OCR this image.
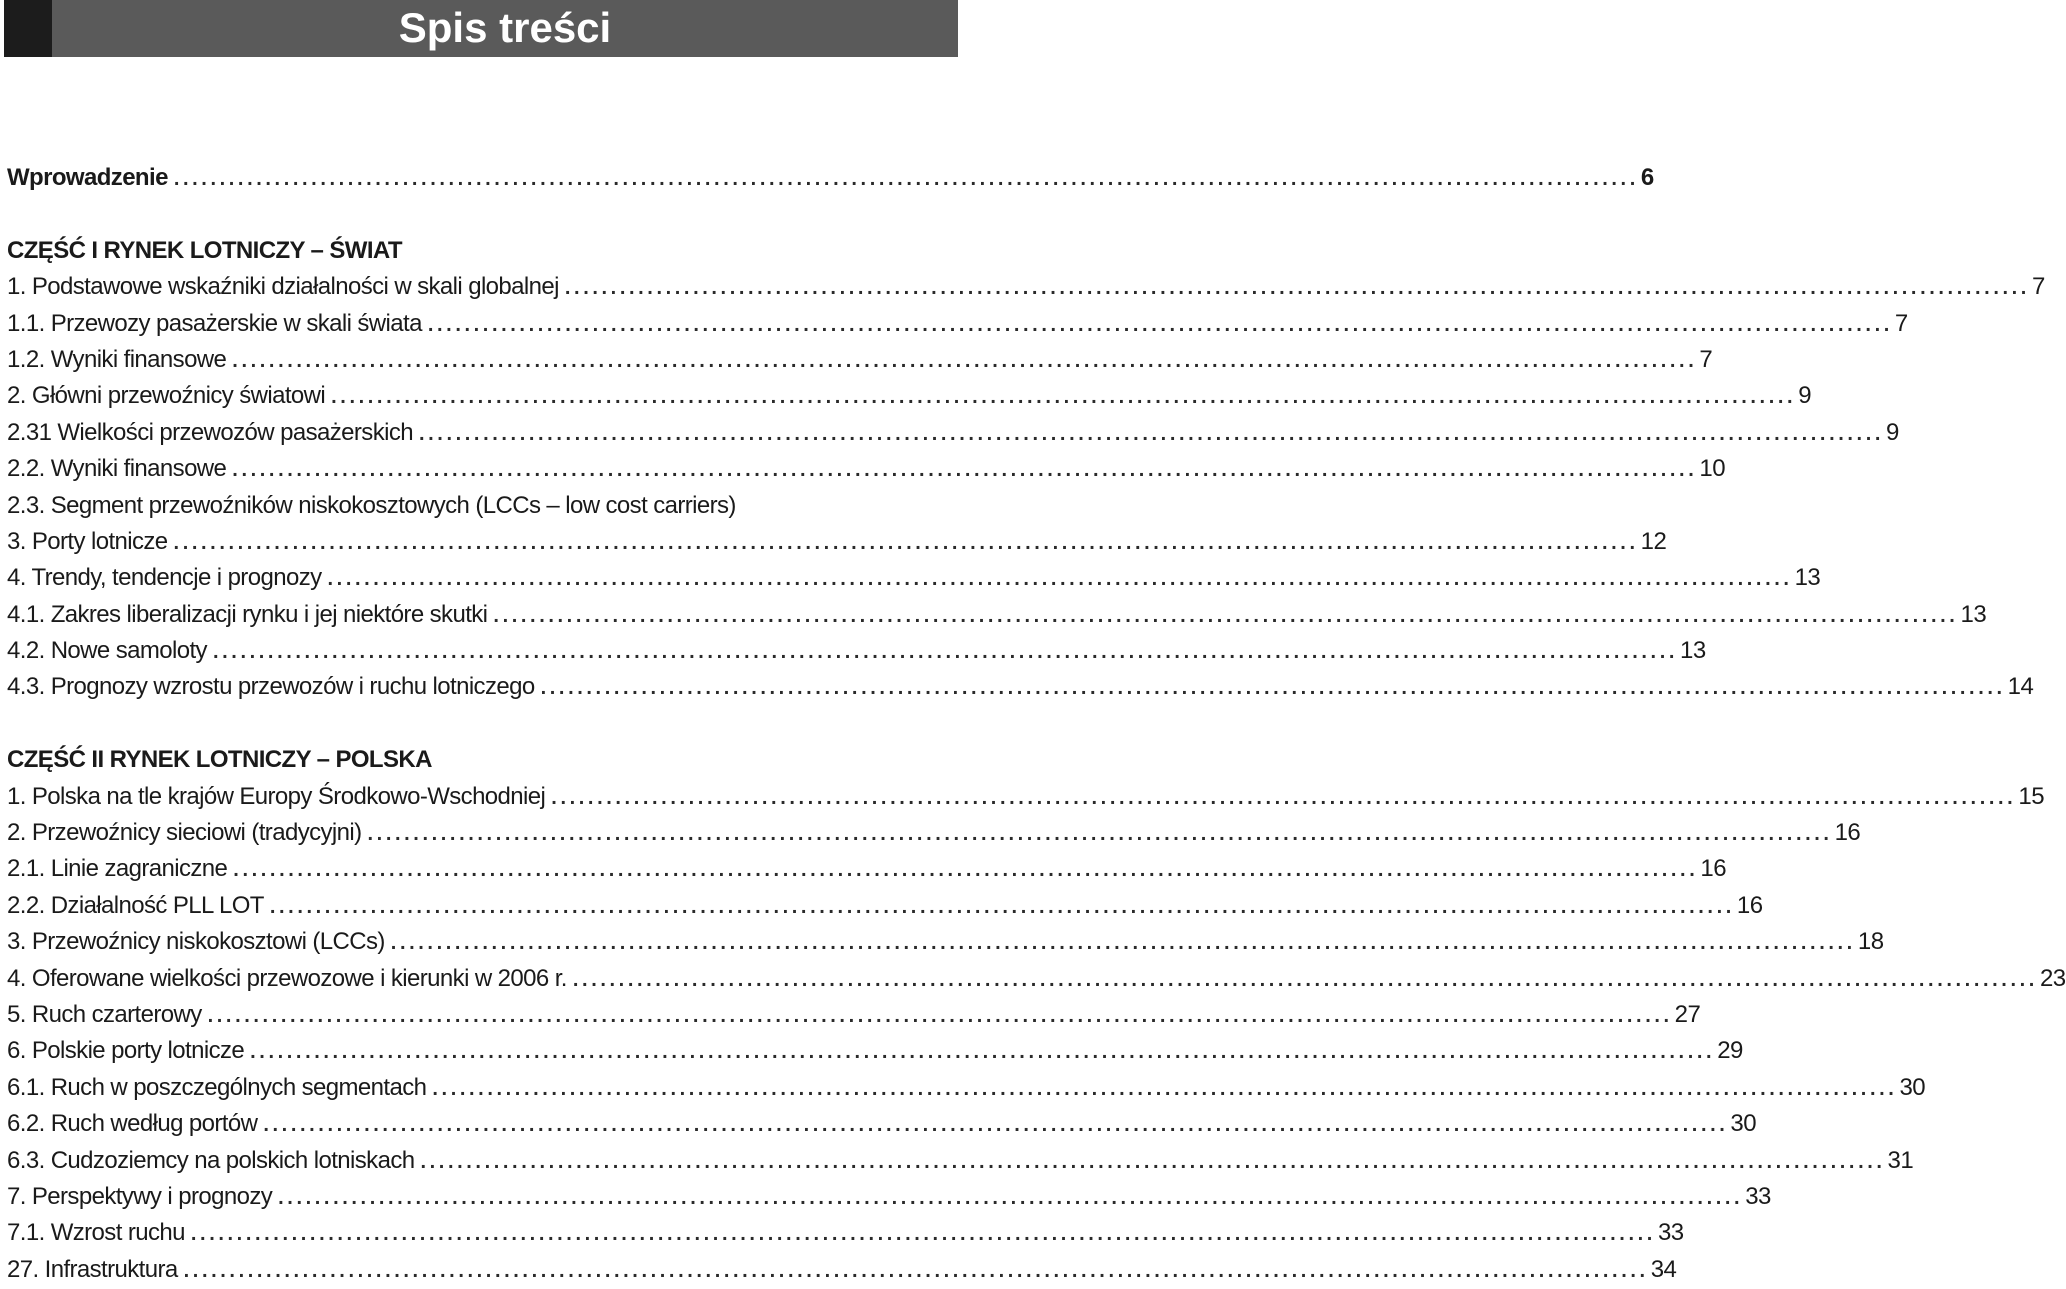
Spis treści
Wprowadzenie ................................................................................................................................................................ 6
CZĘŚĆ I RYNEK LOTNICZY – ŚWIAT
1. Podstawowe wskaźniki działalności w skali globalnej ................................................................................................................................................................ 7
1.1. Przewozy pasażerskie w skali świata ................................................................................................................................................................ 7
1.2. Wyniki finansowe ................................................................................................................................................................ 7
2. Główni przewoźnicy światowi ................................................................................................................................................................ 9
2.31 Wielkości przewozów pasażerskich ................................................................................................................................................................ 9
2.2. Wyniki finansowe ................................................................................................................................................................ 10
2.3. Segment przewoźników niskokosztowych (LCCs – low cost carriers)
3. Porty lotnicze ................................................................................................................................................................ 12
4. Trendy, tendencje i prognozy ................................................................................................................................................................ 13
4.1. Zakres liberalizacji rynku i jej niektóre skutki ................................................................................................................................................................ 13
4.2. Nowe samoloty ................................................................................................................................................................ 13
4.3. Prognozy wzrostu przewozów i ruchu lotniczego ................................................................................................................................................................ 14
CZĘŚĆ II RYNEK LOTNICZY – POLSKA
1. Polska na tle krajów Europy Środkowo-Wschodniej ................................................................................................................................................................ 15
2. Przewoźnicy sieciowi (tradycyjni) ................................................................................................................................................................ 16
2.1. Linie zagraniczne ................................................................................................................................................................ 16
2.2. Działalność PLL LOT ................................................................................................................................................................ 16
3. Przewoźnicy niskokosztowi (LCCs) ................................................................................................................................................................ 18
4. Oferowane wielkości przewozowe i kierunki w 2006 r. ................................................................................................................................................................ 23
5. Ruch czarterowy ................................................................................................................................................................ 27
6. Polskie porty lotnicze ................................................................................................................................................................ 29
6.1. Ruch w poszczególnych segmentach ................................................................................................................................................................ 30
6.2. Ruch według portów ................................................................................................................................................................ 30
6.3. Cudzoziemcy na polskich lotniskach ................................................................................................................................................................ 31
7. Perspektywy i prognozy ................................................................................................................................................................ 33
7.1. Wzrost ruchu ................................................................................................................................................................ 33
27. Infrastruktura ................................................................................................................................................................ 34
